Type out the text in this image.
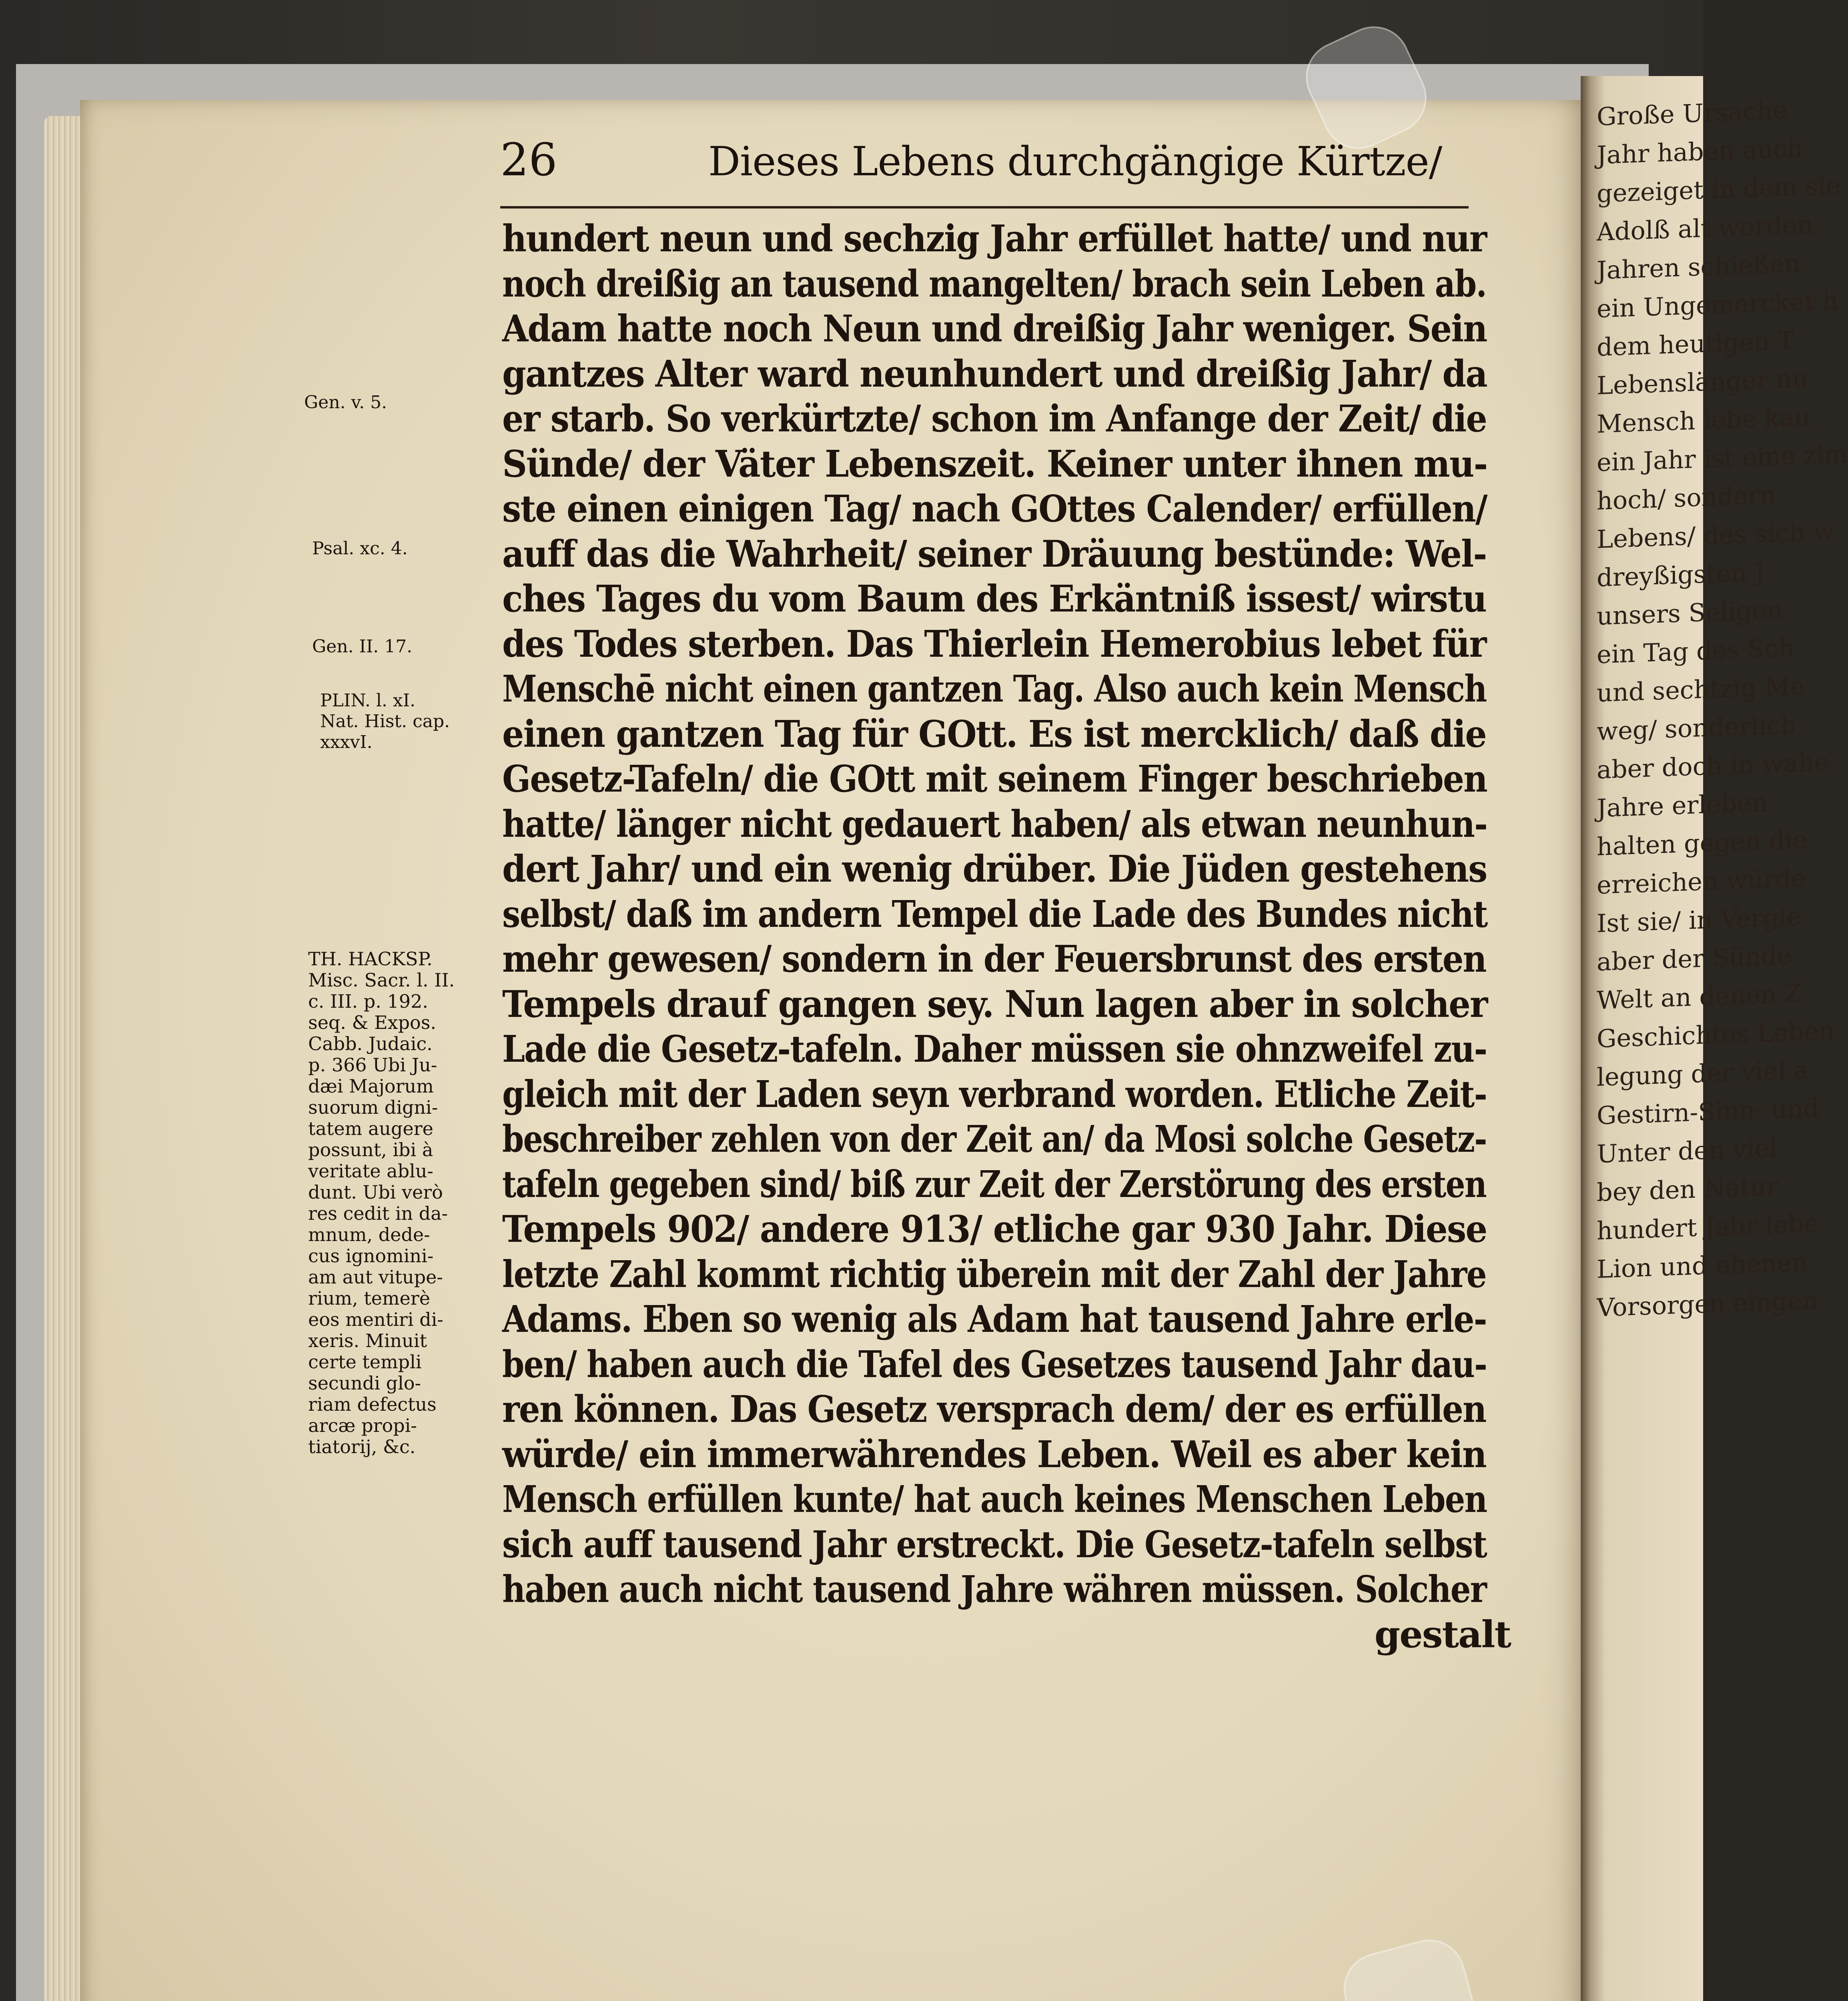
Große Ursache
Jahr haben auch
gezeiget in dem sie
Adolß alt worden
Jahren schießen
ein Ungemercket h
dem heutigen T
Lebenslänger nu
Mensch lebe kau
ein Jahr ist eine zim
hoch/ sondern
Lebens/ des sich w
dreyßigsten J
unsers Seligen
ein Tag des Sch
und sechtzig Me
weg/ sonderlich
aber doch in wahe
Jahre erleben
halten gegen die
erreichen würde
Ist sie/ in Vergle
aber der Sünde
Welt an denen Z
Geschichtes Leben
legung der viel a
Gestirn-Sinn- und
Unter den viel
bey den Natur
hundert Jahr lebe
Lion und ebenen
Vorsorgen eingen
26	Dieses Lebens durchgängige Kürtze/
hundert neun und sechzig Jahr erfüllet hatte/ und nur
noch dreißig an tausend mangelten/ brach sein Leben ab.
Adam hatte noch Neun und dreißig Jahr weniger. Sein
gantzes Alter ward neunhundert und dreißig Jahr/ da
er starb. So verkürtzte/ schon im Anfange der Zeit/ die
Sünde/ der Väter Lebenszeit. Keiner unter ihnen mu-
ste einen einigen Tag/ nach GOttes Calender/ erfüllen/
auff das die Wahrheit/ seiner Dräuung bestünde: Wel-
ches Tages du vom Baum des Erkäntniß issest/ wirstu
des Todes sterben. Das Thierlein Hemerobius lebet für
Menschē nicht einen gantzen Tag. Also auch kein Mensch
einen gantzen Tag für GOtt. Es ist mercklich/ daß die
Gesetz-Tafeln/ die GOtt mit seinem Finger beschrieben
hatte/ länger nicht gedauert haben/ als etwan neunhun-
dert Jahr/ und ein wenig drüber. Die Jüden gestehens
selbst/ daß im andern Tempel die Lade des Bundes nicht
mehr gewesen/ sondern in der Feuersbrunst des ersten
Tempels drauf gangen sey. Nun lagen aber in solcher
Lade die Gesetz-tafeln. Daher müssen sie ohnzweifel zu-
gleich mit der Laden seyn verbrand worden. Etliche Zeit-
beschreiber zehlen von der Zeit an/ da Mosi solche Gesetz-
tafeln gegeben sind/ biß zur Zeit der Zerstörung des ersten
Tempels 902/ andere 913/ etliche gar 930 Jahr. Diese
letzte Zahl kommt richtig überein mit der Zahl der Jahre
Adams. Eben so wenig als Adam hat tausend Jahre erle-
ben/ haben auch die Tafel des Gesetzes tausend Jahr dau-
ren können. Das Gesetz versprach dem/ der es erfüllen
würde/ ein immerwährendes Leben. Weil es aber kein
Mensch erfüllen kunte/ hat auch keines Menschen Leben
sich auff tausend Jahr erstreckt. Die Gesetz-tafeln selbst
haben auch nicht tausend Jahre währen müssen. Solcher
gestalt
Gen. v. 5.
Psal. xc. 4.
Gen. II. 17.
PLIN. l. xI.
Nat. Hist. cap.
xxxvI.
TH. HACKSP.
Misc. Sacr. l. II.
c. III. p. 192.
seq. & Expos.
Cabb. Judaic.
p. 366 Ubi Ju-
dæi Majorum
suorum digni-
tatem augere
possunt, ibi à
veritate ablu-
dunt. Ubi verò
res cedit in da-
mnum, dede-
cus ignomini-
am aut vitupe-
rium, temerè
eos mentiri di-
xeris. Minuit
certe templi
secundi glo-
riam defectus
arcæ propi-
tiatorij, &c.
